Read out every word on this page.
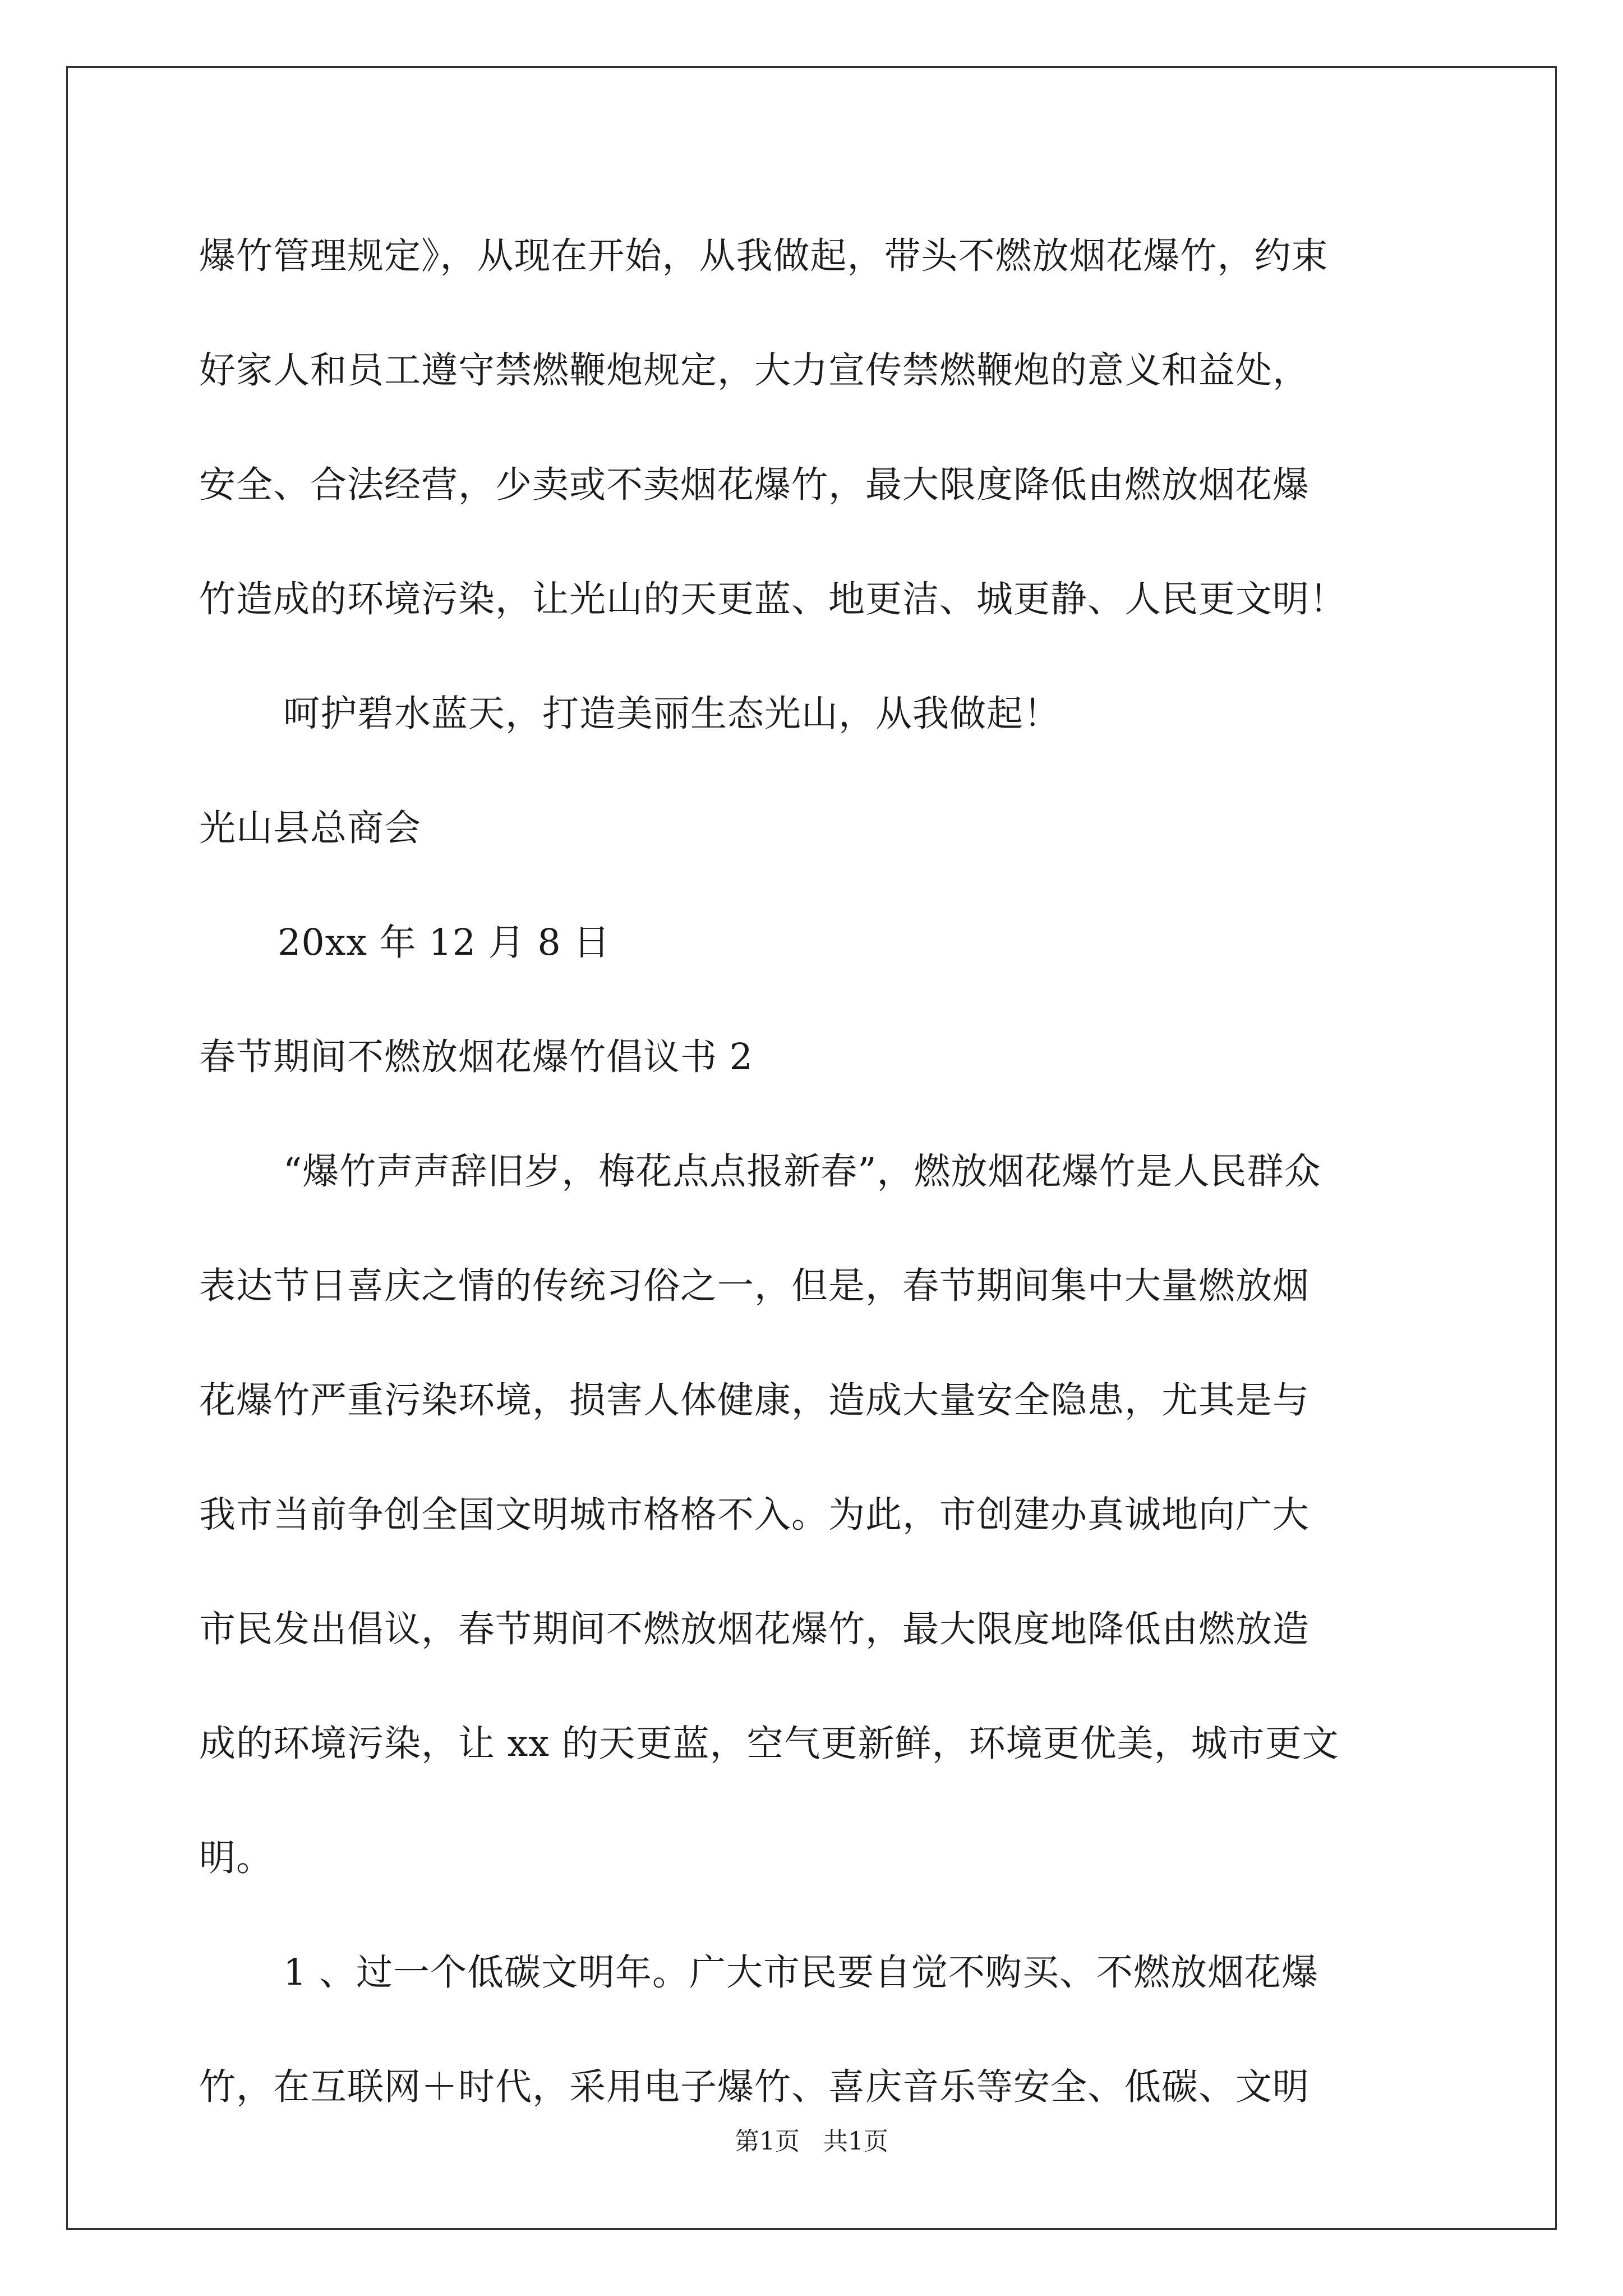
爆竹管理规定》，从现在开始，从我做起，带头不燃放烟花爆竹，约束
好家人和员工遵守禁燃鞭炮规定，大力宣传禁燃鞭炮的意义和益处，
安全、合法经营，少卖或不卖烟花爆竹，最大限度降低由燃放烟花爆
竹造成的环境污染，让光山的天更蓝、地更洁、城更静、人民更文明！
呵护碧水蓝天，打造美丽生态光山，从我做起！
光山县总商会
20xx 年 12 月 8 日
春节期间不燃放烟花爆竹倡议书 2
“爆竹声声辞旧岁，梅花点点报新春”，燃放烟花爆竹是人民群众
表达节日喜庆之情的传统习俗之一，但是，春节期间集中大量燃放烟
花爆竹严重污染环境，损害人体健康，造成大量安全隐患，尤其是与
我市当前争创全国文明城市格格不入。为此，市创建办真诚地向广大
市民发出倡议，春节期间不燃放烟花爆竹，最大限度地降低由燃放造
成的环境污染，让 xx 的天更蓝，空气更新鲜，环境更优美，城市更文
明。
1 、过一个低碳文明年。广大市民要自觉不购买、不燃放烟花爆
竹，在互联网＋时代，采用电子爆竹、喜庆音乐等安全、低碳、文明
第1页   共1页
